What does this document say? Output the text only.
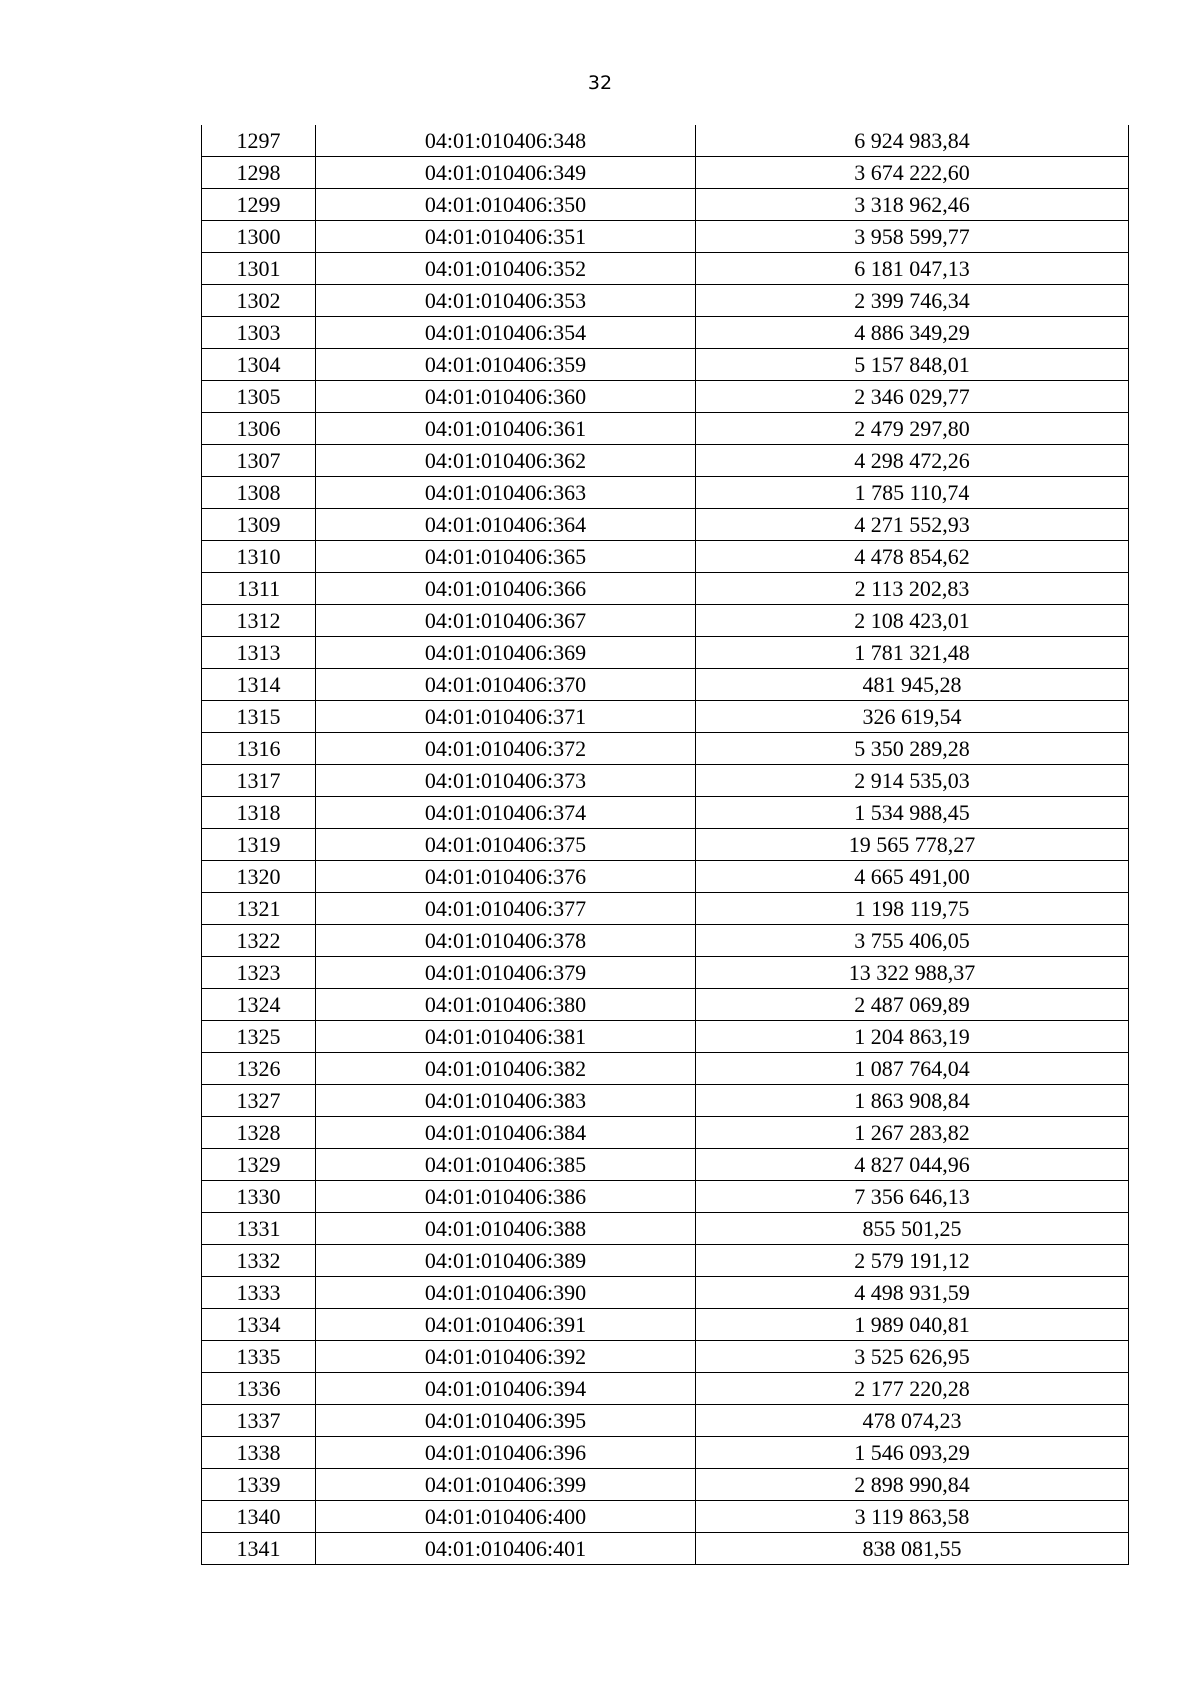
32
1297	04:01:010406:348	6 924 983,84
1298	04:01:010406:349	3 674 222,60
1299	04:01:010406:350	3 318 962,46
1300	04:01:010406:351	3 958 599,77
1301	04:01:010406:352	6 181 047,13
1302	04:01:010406:353	2 399 746,34
1303	04:01:010406:354	4 886 349,29
1304	04:01:010406:359	5 157 848,01
1305	04:01:010406:360	2 346 029,77
1306	04:01:010406:361	2 479 297,80
1307	04:01:010406:362	4 298 472,26
1308	04:01:010406:363	1 785 110,74
1309	04:01:010406:364	4 271 552,93
1310	04:01:010406:365	4 478 854,62
1311	04:01:010406:366	2 113 202,83
1312	04:01:010406:367	2 108 423,01
1313	04:01:010406:369	1 781 321,48
1314	04:01:010406:370	481 945,28
1315	04:01:010406:371	326 619,54
1316	04:01:010406:372	5 350 289,28
1317	04:01:010406:373	2 914 535,03
1318	04:01:010406:374	1 534 988,45
1319	04:01:010406:375	19 565 778,27
1320	04:01:010406:376	4 665 491,00
1321	04:01:010406:377	1 198 119,75
1322	04:01:010406:378	3 755 406,05
1323	04:01:010406:379	13 322 988,37
1324	04:01:010406:380	2 487 069,89
1325	04:01:010406:381	1 204 863,19
1326	04:01:010406:382	1 087 764,04
1327	04:01:010406:383	1 863 908,84
1328	04:01:010406:384	1 267 283,82
1329	04:01:010406:385	4 827 044,96
1330	04:01:010406:386	7 356 646,13
1331	04:01:010406:388	855 501,25
1332	04:01:010406:389	2 579 191,12
1333	04:01:010406:390	4 498 931,59
1334	04:01:010406:391	1 989 040,81
1335	04:01:010406:392	3 525 626,95
1336	04:01:010406:394	2 177 220,28
1337	04:01:010406:395	478 074,23
1338	04:01:010406:396	1 546 093,29
1339	04:01:010406:399	2 898 990,84
1340	04:01:010406:400	3 119 863,58
1341	04:01:010406:401	838 081,55
